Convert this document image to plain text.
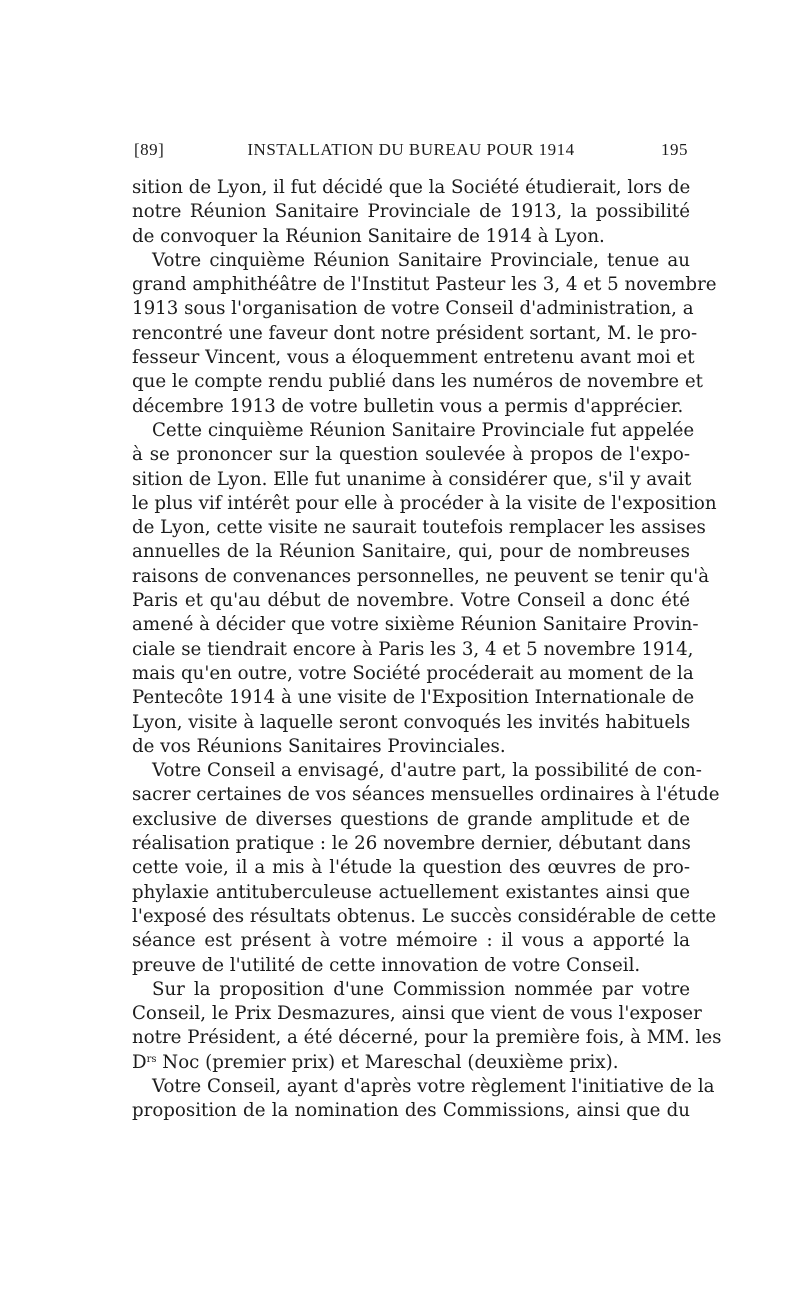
[89]	INSTALLATION DU BUREAU POUR 1914	195
sition de Lyon, il fut décidé que la Société étudierait, lors de
notre Réunion Sanitaire Provinciale de 1913, la possibilité
de convoquer la Réunion Sanitaire de 1914 à Lyon.
Votre cinquième Réunion Sanitaire Provinciale, tenue au
grand amphithéâtre de l'Institut Pasteur les 3, 4 et 5 novembre
1913 sous l'organisation de votre Conseil d'administration, a
rencontré une faveur dont notre président sortant, M. le pro-
fesseur Vincent, vous a éloquemment entretenu avant moi et
que le compte rendu publié dans les numéros de novembre et
décembre 1913 de votre bulletin vous a permis d'apprécier.
Cette cinquième Réunion Sanitaire Provinciale fut appelée
à se prononcer sur la question soulevée à propos de l'expo-
sition de Lyon. Elle fut unanime à considérer que, s'il y avait
le plus vif intérêt pour elle à procéder à la visite de l'exposition
de Lyon, cette visite ne saurait toutefois remplacer les assises
annuelles de la Réunion Sanitaire, qui, pour de nombreuses
raisons de convenances personnelles, ne peuvent se tenir qu'à
Paris et qu'au début de novembre. Votre Conseil a donc été
amené à décider que votre sixième Réunion Sanitaire Provin-
ciale se tiendrait encore à Paris les 3, 4 et 5 novembre 1914,
mais qu'en outre, votre Société procéderait au moment de la
Pentecôte 1914 à une visite de l'Exposition Internationale de
Lyon, visite à laquelle seront convoqués les invités habituels
de vos Réunions Sanitaires Provinciales.
Votre Conseil a envisagé, d'autre part, la possibilité de con-
sacrer certaines de vos séances mensuelles ordinaires à l'étude
exclusive de diverses questions de grande amplitude et de
réalisation pratique : le 26 novembre dernier, débutant dans
cette voie, il a mis à l'étude la question des œuvres de pro-
phylaxie antituberculeuse actuellement existantes ainsi que
l'exposé des résultats obtenus. Le succès considérable de cette
séance est présent à votre mémoire : il vous a apporté la
preuve de l'utilité de cette innovation de votre Conseil.
Sur la proposition d'une Commission nommée par votre
Conseil, le Prix Desmazures, ainsi que vient de vous l'exposer
notre Président, a été décerné, pour la première fois, à MM. les
$D^{rs}$ Noc (premier prix) et Mareschal (deuxième prix).
Votre Conseil, ayant d'après votre règlement l'initiative de la
proposition de la nomination des Commissions, ainsi que du
